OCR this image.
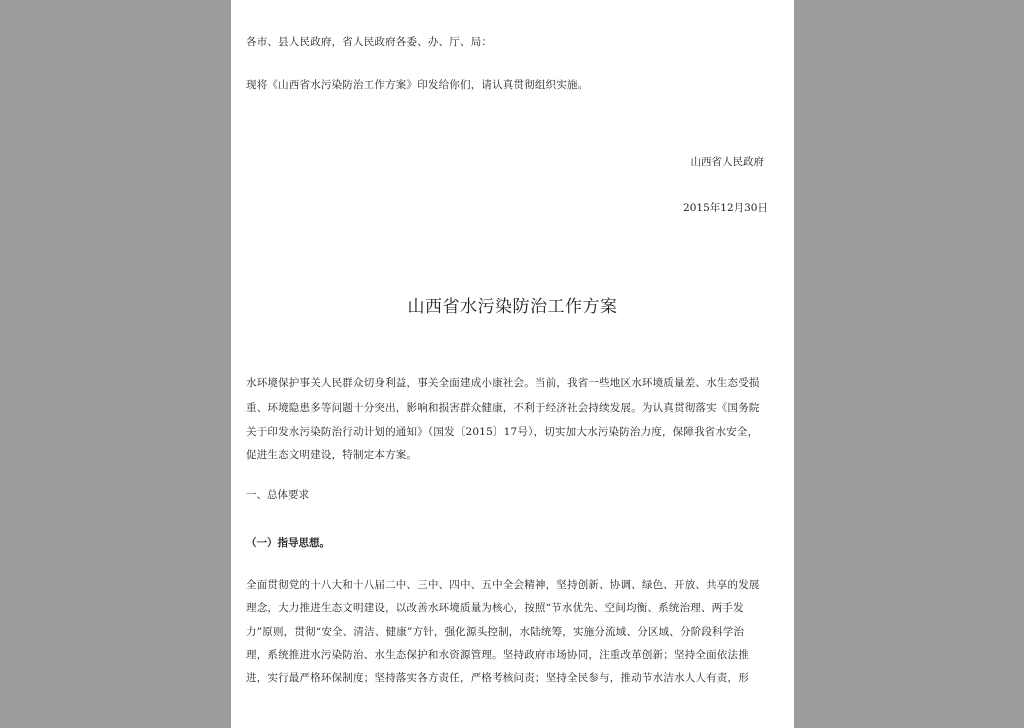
各市、县人民政府，省人民政府各委、办、厅、局：
现将《山西省水污染防治工作方案》印发给你们，请认真贯彻组织实施。
山西省人民政府
2015年12月30日
山西省水污染防治工作方案
水环境保护事关人民群众切身利益，事关全面建成小康社会。当前，我省一些地区水环境质量差、水生态受损
重、环境隐患多等问题十分突出，影响和损害群众健康，不利于经济社会持续发展。为认真贯彻落实《国务院
关于印发水污染防治行动计划的通知》（国发〔2015〕17号），切实加大水污染防治力度，保障我省水安全，
促进生态文明建设，特制定本方案。
一、总体要求
（一）指导思想。
全面贯彻党的十八大和十八届二中、三中、四中、五中全会精神，坚持创新、协调、绿色、开放、共享的发展
理念，大力推进生态文明建设，以改善水环境质量为核心，按照“节水优先、空间均衡、系统治理、两手发
力”原则，贯彻“安全、清洁、健康”方针，强化源头控制，水陆统筹，实施分流域、分区域、分阶段科学治
理，系统推进水污染防治、水生态保护和水资源管理。坚持政府市场协同，注重改革创新；坚持全面依法推
进，实行最严格环保制度；坚持落实各方责任，严格考核问责；坚持全民参与，推动节水洁水人人有责，形
